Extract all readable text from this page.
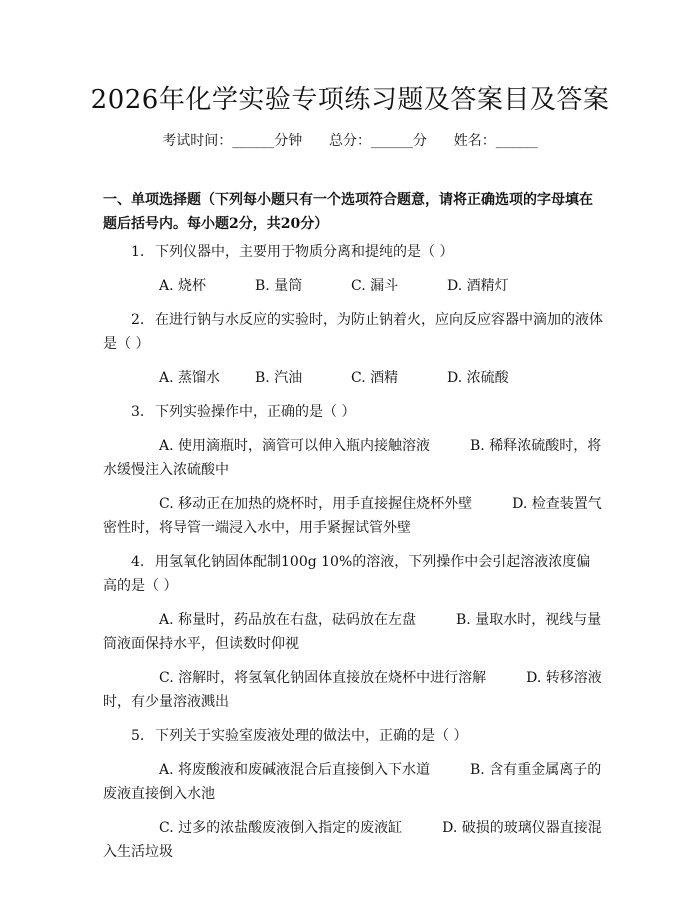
2026年化学实验专项练习题及答案目及答案
考试时间：______分钟 总分：______分 姓名：______
一、单项选择题（下列每小题只有一个选项符合题意，请将正确选项的字母填在题后括号内。每小题2分，共20分）
1. 下列仪器中，主要用于物质分离和提纯的是（ ）
A. 烧杯	B. 量筒	C. 漏斗	D. 酒精灯
2. 在进行钠与水反应的实验时，为防止钠着火，应向反应容器中滴加的液体是（ ）
A. 蒸馏水	B. 汽油	C. 酒精	D. 浓硫酸
3. 下列实验操作中，正确的是（ ）
A. 使用滴瓶时，滴管可以伸入瓶内接触溶液	B. 稀释浓硫酸时，将水缓慢注入浓硫酸中
C. 移动正在加热的烧杯时，用手直接握住烧杯外壁	D. 检查装置气密性时，将导管一端浸入水中，用手紧握试管外壁
4. 用氢氧化钠固体配制100g 10%的溶液，下列操作中会引起溶液浓度偏高的是（ ）
A. 称量时，药品放在右盘，砝码放在左盘	B. 量取水时，视线与量筒液面保持水平，但读数时仰视
C. 溶解时，将氢氧化钠固体直接放在烧杯中进行溶解	D. 转移溶液时，有少量溶液溅出
5. 下列关于实验室废液处理的做法中，正确的是（ ）
A. 将废酸液和废碱液混合后直接倒入下水道	B. 含有重金属离子的废液直接倒入水池
C. 过多的浓盐酸废液倒入指定的废液缸	D. 破损的玻璃仪器直接混入生活垃圾
